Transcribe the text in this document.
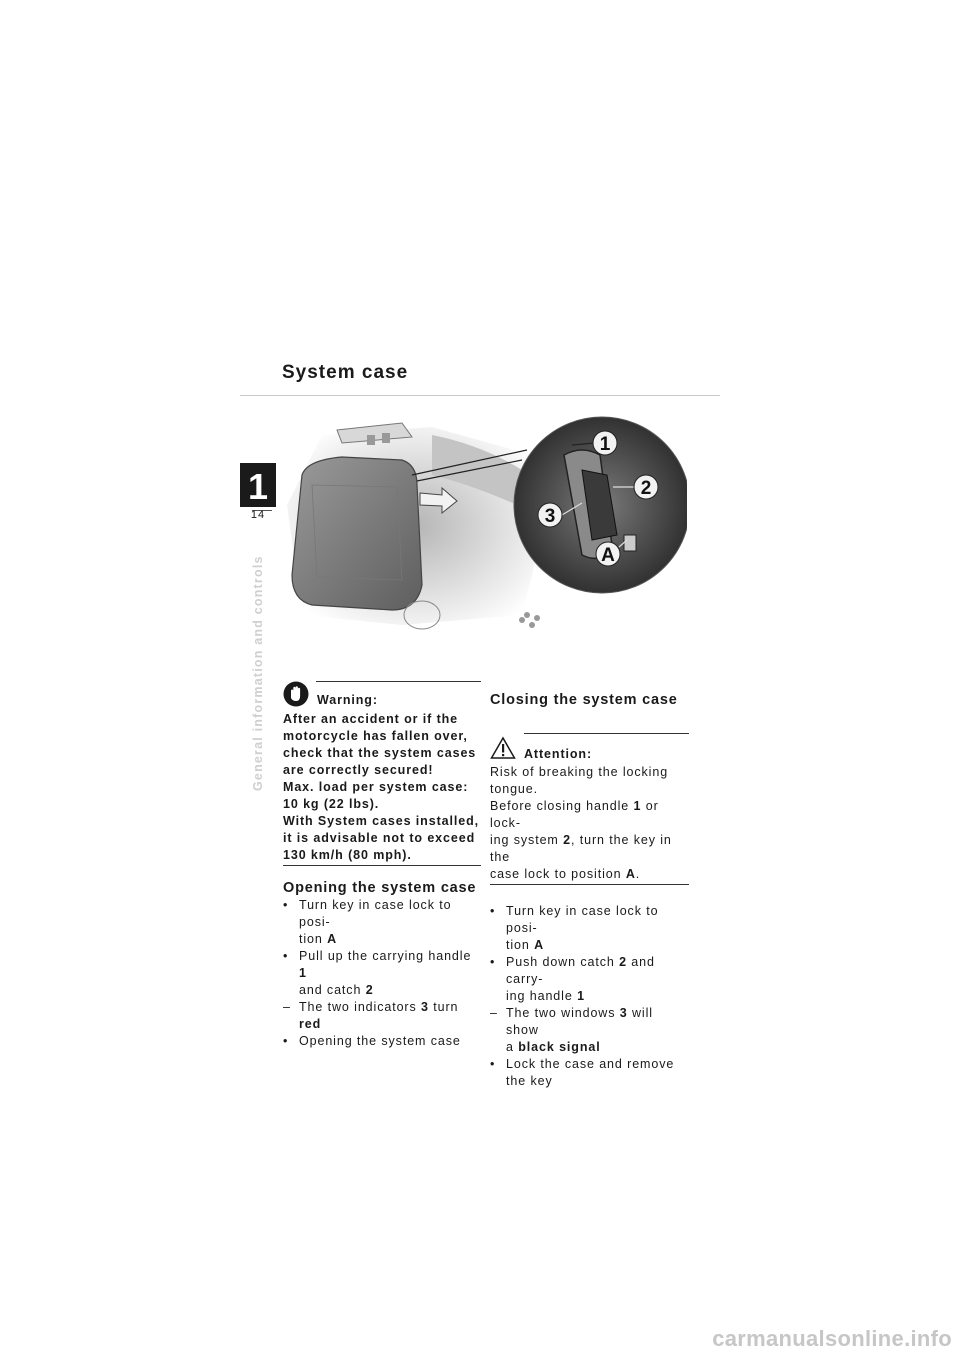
System case
1
14
General information and controls
1
2
3
A
Warning:
After an accident or if the
motorcycle has fallen over,
check that the system cases
are correctly secured!
Max. load per system case:
10 kg (22 lbs).
With System cases installed,
it is advisable not to exceed
130 km/h (80 mph).
Opening the system case
• Turn key in case lock to posi-
tion A
• Pull up the carrying handle 1
and catch 2
– The two indicators 3 turn red
• Opening the system case
Closing the system case
Attention:
Risk of breaking the locking
tongue.
Before closing handle 1 or lock-
ing system 2, turn the key in the
case lock to position A.
• Turn key in case lock to posi-
tion A
• Push down catch 2 and carry-
ing handle 1
– The two windows 3 will show
a black signal
• Lock the case and remove
the key
carmanualsonline.info
